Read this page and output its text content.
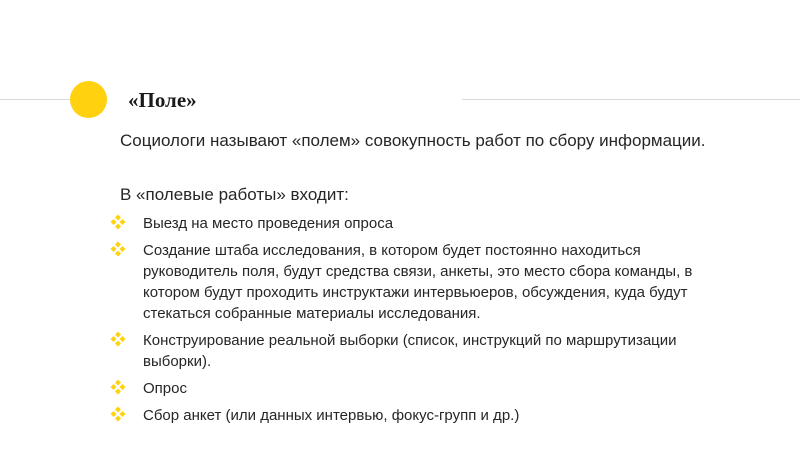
«Поле»
Социологи называют «полем» совокупность работ по сбору информации.
В «полевые работы» входит:
Выезд на место проведения опроса
Создание штаба исследования, в котором будет постоянно находиться руководитель поля, будут средства связи, анкеты, это место сбора команды, в котором будут проходить инструктажи интервьюеров, обсуждения, куда будут стекаться собранные материалы исследования.
Конструирование реальной выборки (список, инструкций по маршрутизации выборки).
Опрос
Сбор анкет (или данных интервью, фокус-групп и др.)
